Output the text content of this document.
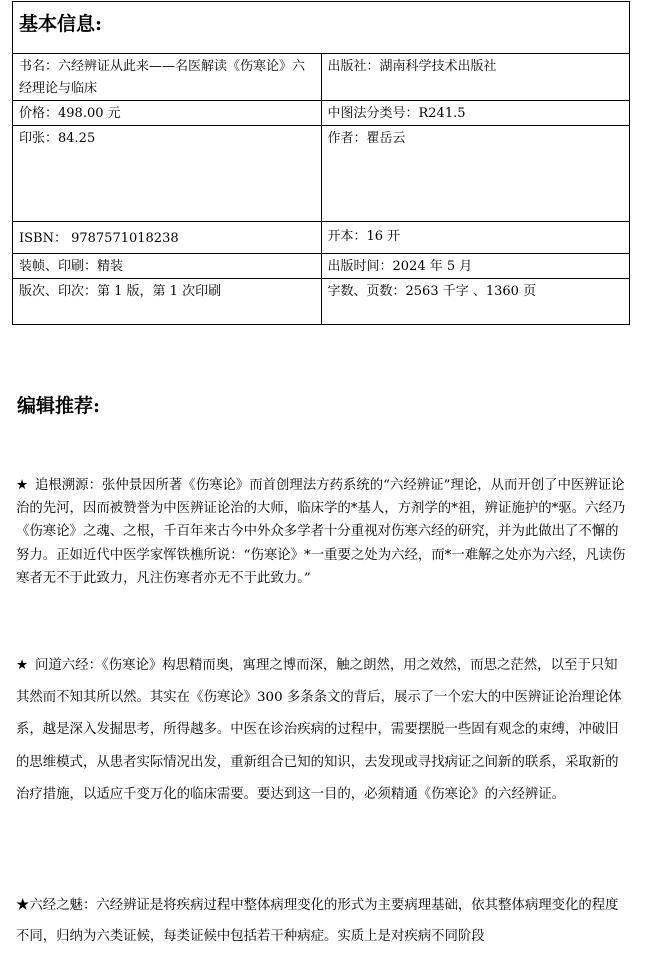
基本信息:	
书名：六经辨证从此来——名医解读《伤寒论》六经理论与临床	出版社：湖南科学技术出版社
价格：498.00 元	中图法分类号：R241.5
印张：84.25	作者：瞿岳云
ISBN： 9787571018238	开本：16 开
装帧、印刷：精装	出版时间：2024 年 5 月
版次、印次：第 1 版，第 1 次印刷	字数、页数：2563 千字 、1360 页
编辑推荐:

★ 追根溯源：张仲景因所著《伤寒论》而首创理法方药系统的“六经辨证”理论，从而开创了中医辨证论治的先河，因而被赞誉为中医辨证论治的大师，临床学的*基人，方剂学的*祖，辨证施护的*驱。六经乃《伤寒论》之魂、之根，千百年来古今中外众多学者十分重视对伤寒六经的研究，并为此做出了不懈的努力。正如近代中医学家恽铁樵所说：“伤寒论》*一重要之处为六经，而*一难解之处亦为六经，凡读伤寒者无不于此致力，凡注伤寒者亦无不于此致力。”

★ 问道六经：《伤寒论》构思精而奥，寓理之博而深，触之朗然，用之效然，而思之茫然，以至于只知其然而不知其所以然。其实在《伤寒论》300 多条条文的背后，展示了一个宏大的中医辨证论治理论体系，越是深入发掘思考，所得越多。中医在诊治疾病的过程中，需要摆脱一些固有观念的束缚，冲破旧的思维模式，从患者实际情况出发，重新组合已知的知识，去发现或寻找病证之间新的联系，采取新的治疗措施，以适应千变万化的临床需要。要达到这一目的，必须精通《伤寒论》的六经辨证。

★六经之魅：六经辨证是将疾病过程中整体病理变化的形式为主要病理基础，依其整体病理变化的程度不同，归纳为六类证候，每类证候中包括若干种病症。实质上是对疾病不同阶段
